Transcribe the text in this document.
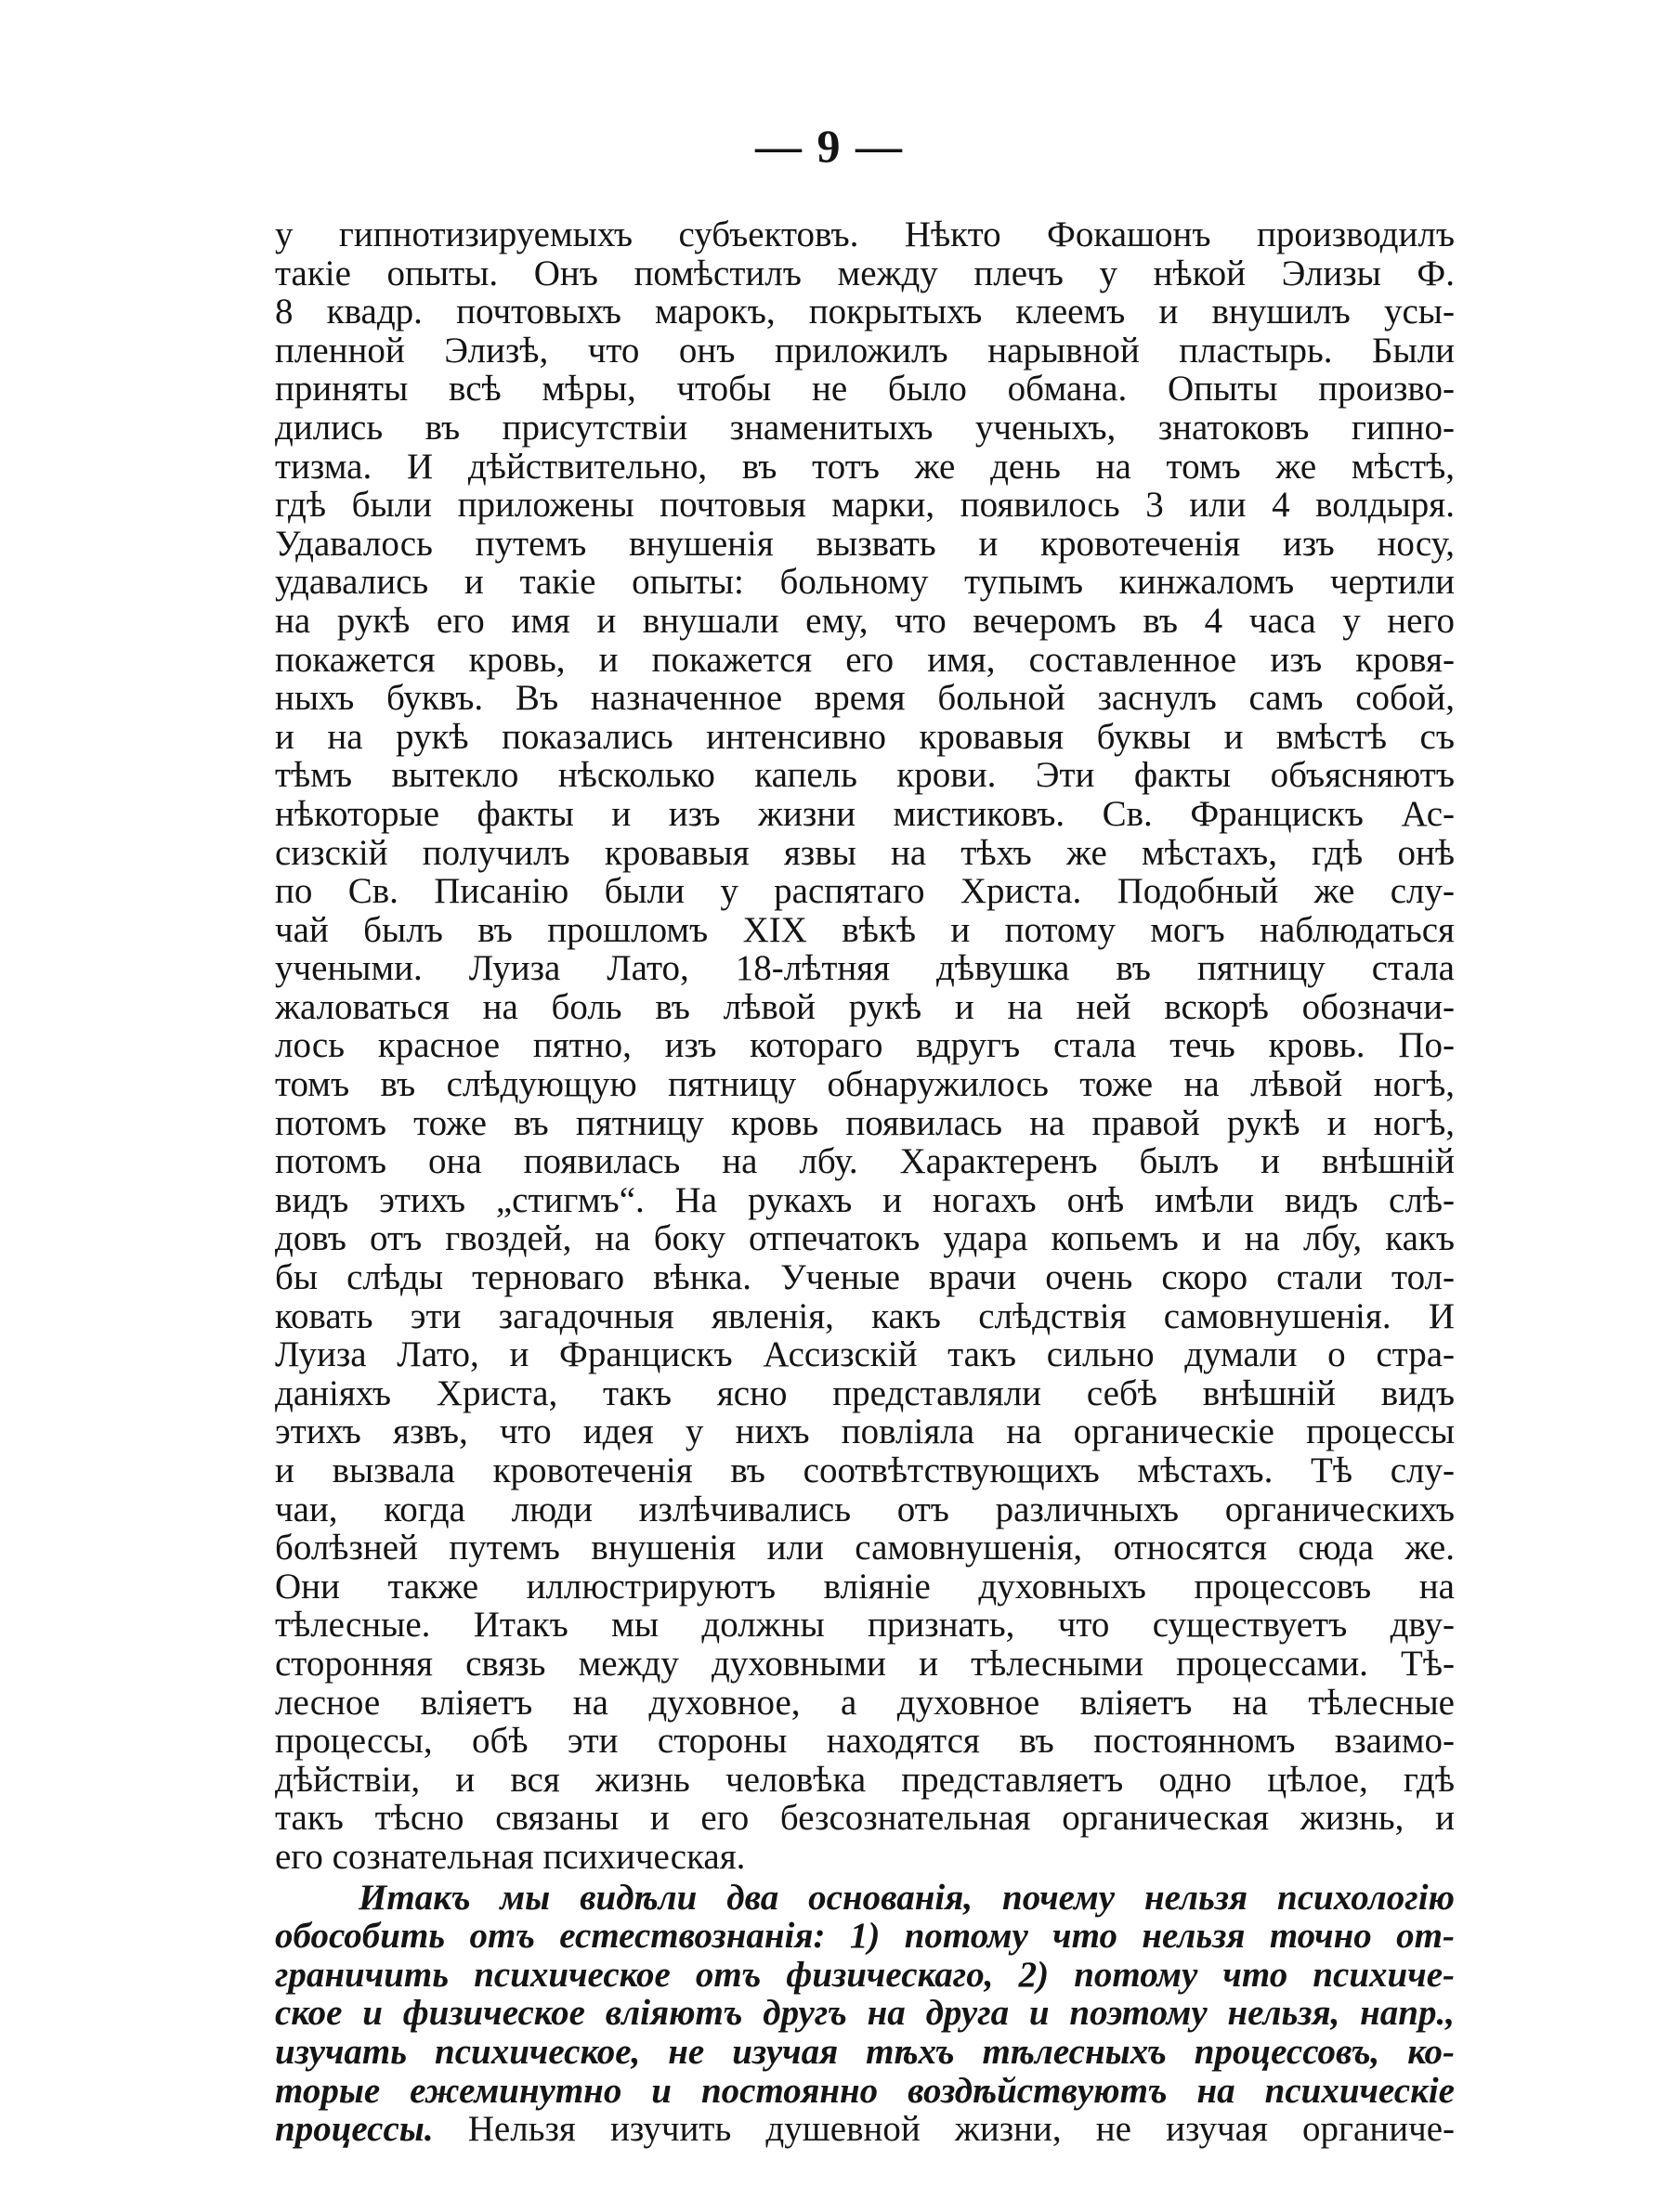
— 9 —
у гипнотизируемыхъ субъектовъ. Нѣкто Фокашонъ производилъ
такіе опыты. Онъ помѣстилъ между плечъ у нѣкой Элизы Ф.
8 квадр. почтовыхъ марокъ, покрытыхъ клеемъ и внушилъ усы-
пленной Элизѣ, что онъ приложилъ нарывной пластырь. Были
приняты всѣ мѣры, чтобы не было обмана. Опыты произво-
дились въ присутствіи знаменитыхъ ученыхъ, знатоковъ гипно-
тизма. И дѣйствительно, въ тотъ же день на томъ же мѣстѣ,
гдѣ были приложены почтовыя марки, появилось 3 или 4 волдыря.
Удавалось путемъ внушенія вызвать и кровотеченія изъ носу,
удавались и такіе опыты: больному тупымъ кинжаломъ чертили
на рукѣ его имя и внушали ему, что вечеромъ въ 4 часа у него
покажется кровь, и покажется его имя, составленное изъ кровя-
ныхъ буквъ. Въ назначенное время больной заснулъ самъ собой,
и на рукѣ показались интенсивно кровавыя буквы и вмѣстѣ съ
тѣмъ вытекло нѣсколько капель крови. Эти факты объясняютъ
нѣкоторые факты и изъ жизни мистиковъ. Св. Францискъ Ас-
сизскій получилъ кровавыя язвы на тѣхъ же мѣстахъ, гдѣ онѣ
по Св. Писанію были у распятаго Христа. Подобный же слу-
чай былъ въ прошломъ XIX вѣкѣ и потому могъ наблюдаться
учеными. Луиза Лато, 18-лѣтняя дѣвушка въ пятницу стала
жаловаться на боль въ лѣвой рукѣ и на ней вскорѣ обозначи-
лось красное пятно, изъ котораго вдругъ стала течь кровь. По-
томъ въ слѣдующую пятницу обнаружилось тоже на лѣвой ногѣ,
потомъ тоже въ пятницу кровь появилась на правой рукѣ и ногѣ,
потомъ она появилась на лбу. Характеренъ былъ и внѣшній
видъ этихъ „стигмъ“. На рукахъ и ногахъ онѣ имѣли видъ слѣ-
довъ отъ гвоздей, на боку отпечатокъ удара копьемъ и на лбу, какъ
бы слѣды терноваго вѣнка. Ученые врачи очень скоро стали тол-
ковать эти загадочныя явленія, какъ слѣдствія самовнушенія. И
Луиза Лато, и Францискъ Ассизскій такъ сильно думали о стра-
даніяхъ Христа, такъ ясно представляли себѣ внѣшній видъ
этихъ язвъ, что идея у нихъ повліяла на органическіе процессы
и вызвала кровотеченія въ соотвѣтствующихъ мѣстахъ. Тѣ слу-
чаи, когда люди излѣчивались отъ различныхъ органическихъ
болѣзней путемъ внушенія или самовнушенія, относятся сюда же.
Они также иллюстрируютъ вліяніе духовныхъ процессовъ на
тѣлесные. Итакъ мы должны признать, что существуетъ дву-
сторонняя связь между духовными и тѣлесными процессами. Тѣ-
лесное вліяетъ на духовное, а духовное вліяетъ на тѣлесные
процессы, обѣ эти стороны находятся въ постоянномъ взаимо-
дѣйствіи, и вся жизнь человѣка представляетъ одно цѣлое, гдѣ
такъ тѣсно связаны и его безсознательная органическая жизнь, и
его сознательная психическая.
Итакъ мы видѣли два основанія, почему нельзя психологію
обособить отъ естествознанія: 1) потому что нельзя точно от-
граничить психическое отъ физическаго, 2) потому что психиче-
ское и физическое вліяютъ другъ на друга и поэтому нельзя, напр.,
изучать психическое, не изучая тѣхъ тѣлесныхъ процессовъ, ко-
торые ежеминутно и постоянно воздѣйствуютъ на психическіе
процессы. Нельзя изучить душевной жизни, не изучая органиче-
